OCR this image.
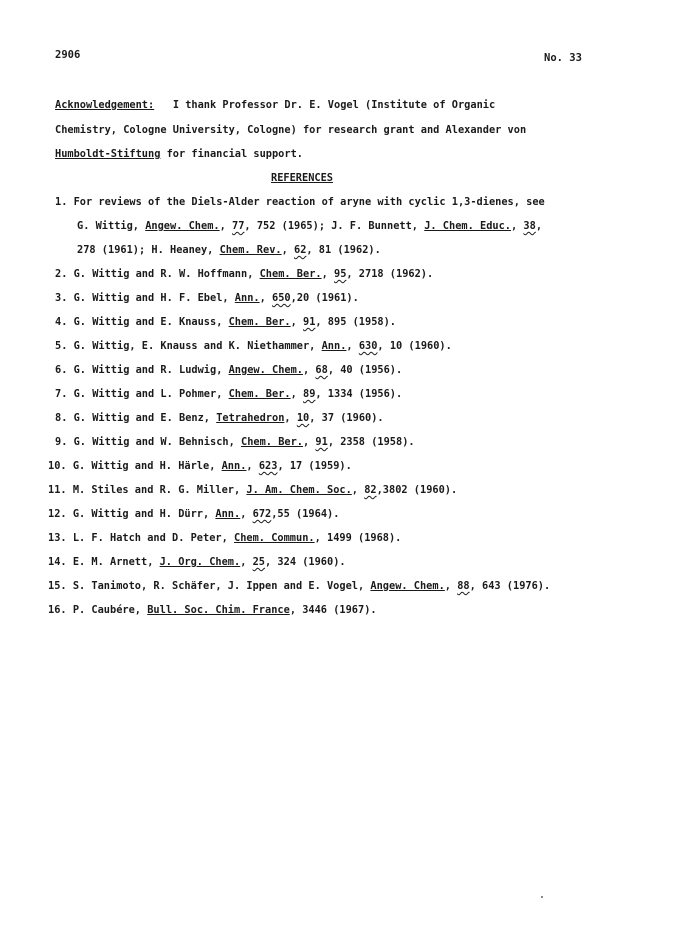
2906	No. 33
Acknowledgement: I thank Professor Dr. E. Vogel (Institute of Organic
Chemistry, Cologne University, Cologne) for research grant and Alexander von
Humboldt-Stiftung for financial support.
REFERENCES
1. For reviews of the Diels-Alder reaction of aryne with cyclic 1,3-dienes, see
G. Wittig, Angew. Chem., 77, 752 (1965); J. F. Bunnett, J. Chem. Educ., 38,
278 (1961); H. Heaney, Chem. Rev., 62, 81 (1962).
2. G. Wittig and R. W. Hoffmann, Chem. Ber., 95, 2718 (1962).
3. G. Wittig and H. F. Ebel, Ann., 650,20 (1961).
4. G. Wittig and E. Knauss, Chem. Ber., 91, 895 (1958).
5. G. Wittig, E. Knauss and K. Niethammer, Ann., 630, 10 (1960).
6. G. Wittig and R. Ludwig, Angew. Chem., 68, 40 (1956).
7. G. Wittig and L. Pohmer, Chem. Ber., 89, 1334 (1956).
8. G. Wittig and E. Benz, Tetrahedron, 10, 37 (1960).
9. G. Wittig and W. Behnisch, Chem. Ber., 91, 2358 (1958).
10. G. Wittig and H. Härle, Ann., 623, 17 (1959).
11. M. Stiles and R. G. Miller, J. Am. Chem. Soc., 82,3802 (1960).
12. G. Wittig and H. Dürr, Ann., 672,55 (1964).
13. L. F. Hatch and D. Peter, Chem. Commun., 1499 (1968).
14. E. M. Arnett, J. Org. Chem., 25, 324 (1960).
15. S. Tanimoto, R. Schäfer, J. Ippen and E. Vogel, Angew. Chem., 88, 643 (1976).
16. P. Caubére, Bull. Soc. Chim. France, 3446 (1967).
